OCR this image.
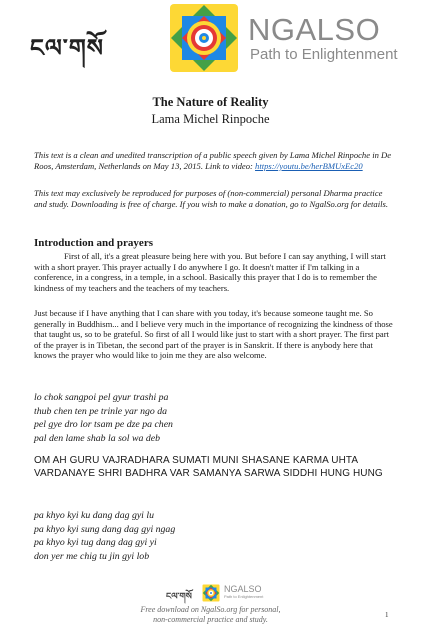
ངལ་གསོ
NGALSO
Path to Enlightenment
The Nature of Reality
Lama Michel Rinpoche
This text is a clean and unedited transcription of a public speech given by Lama Michel Rinpoche in De Roos, Amsterdam, Netherlands on May 13, 2015. Link to video: https://youtu.be/herBMUxEc20
This text may exclusively be reproduced for purposes of (non-commercial) personal Dharma practice and study. Downloading is free of charge. If you wish to make a donation, go to NgalSo.org for details.
Introduction and prayers
First of all, it's a great pleasure being here with you. But before I can say anything, I will start with a short prayer. This prayer actually I do anywhere I go. It doesn't matter if I'm talking in a conference, in a congress, in a temple, in a school. Basically this prayer that I do is to remember the kindness of my teachers and the teachers of my teachers.
Just because if I have anything that I can share with you today, it's because someone taught me. So generally in Buddhism... and I believe very much in the importance of recognizing the kindness of those that taught us, so to be grateful. So first of all I would like just to start with a short prayer. The first part of the prayer is in Tibetan, the second part of the prayer is in Sanskrit. If there is anybody here that knows the prayer who would like to join me they are also welcome.
lo chok sangpoi pel gyur trashi pa
thub chen ten pe trinle yar ngo da
pel gye dro lor tsam pe dze pa chen
pal den lame shab la sol wa deb
OM AH GURU VAJRADHARA SUMATI MUNI SHASANE KARMA UHTA VARDANAYE SHRI BADHRA VAR SAMANYA SARWA SIDDHI HUNG HUNG
pa khyo kyi ku dang dag gyi lu
pa khyo kyi sung dang dag gyi ngag
pa khyo kyi tug dang dag gyi yi
don yer me chig tu jin gyi lob
ངལ་གསོ
NGALSO
Path to Enlightenment
Free download on NgalSo.org for personal,
non-commercial practice and study.	1
